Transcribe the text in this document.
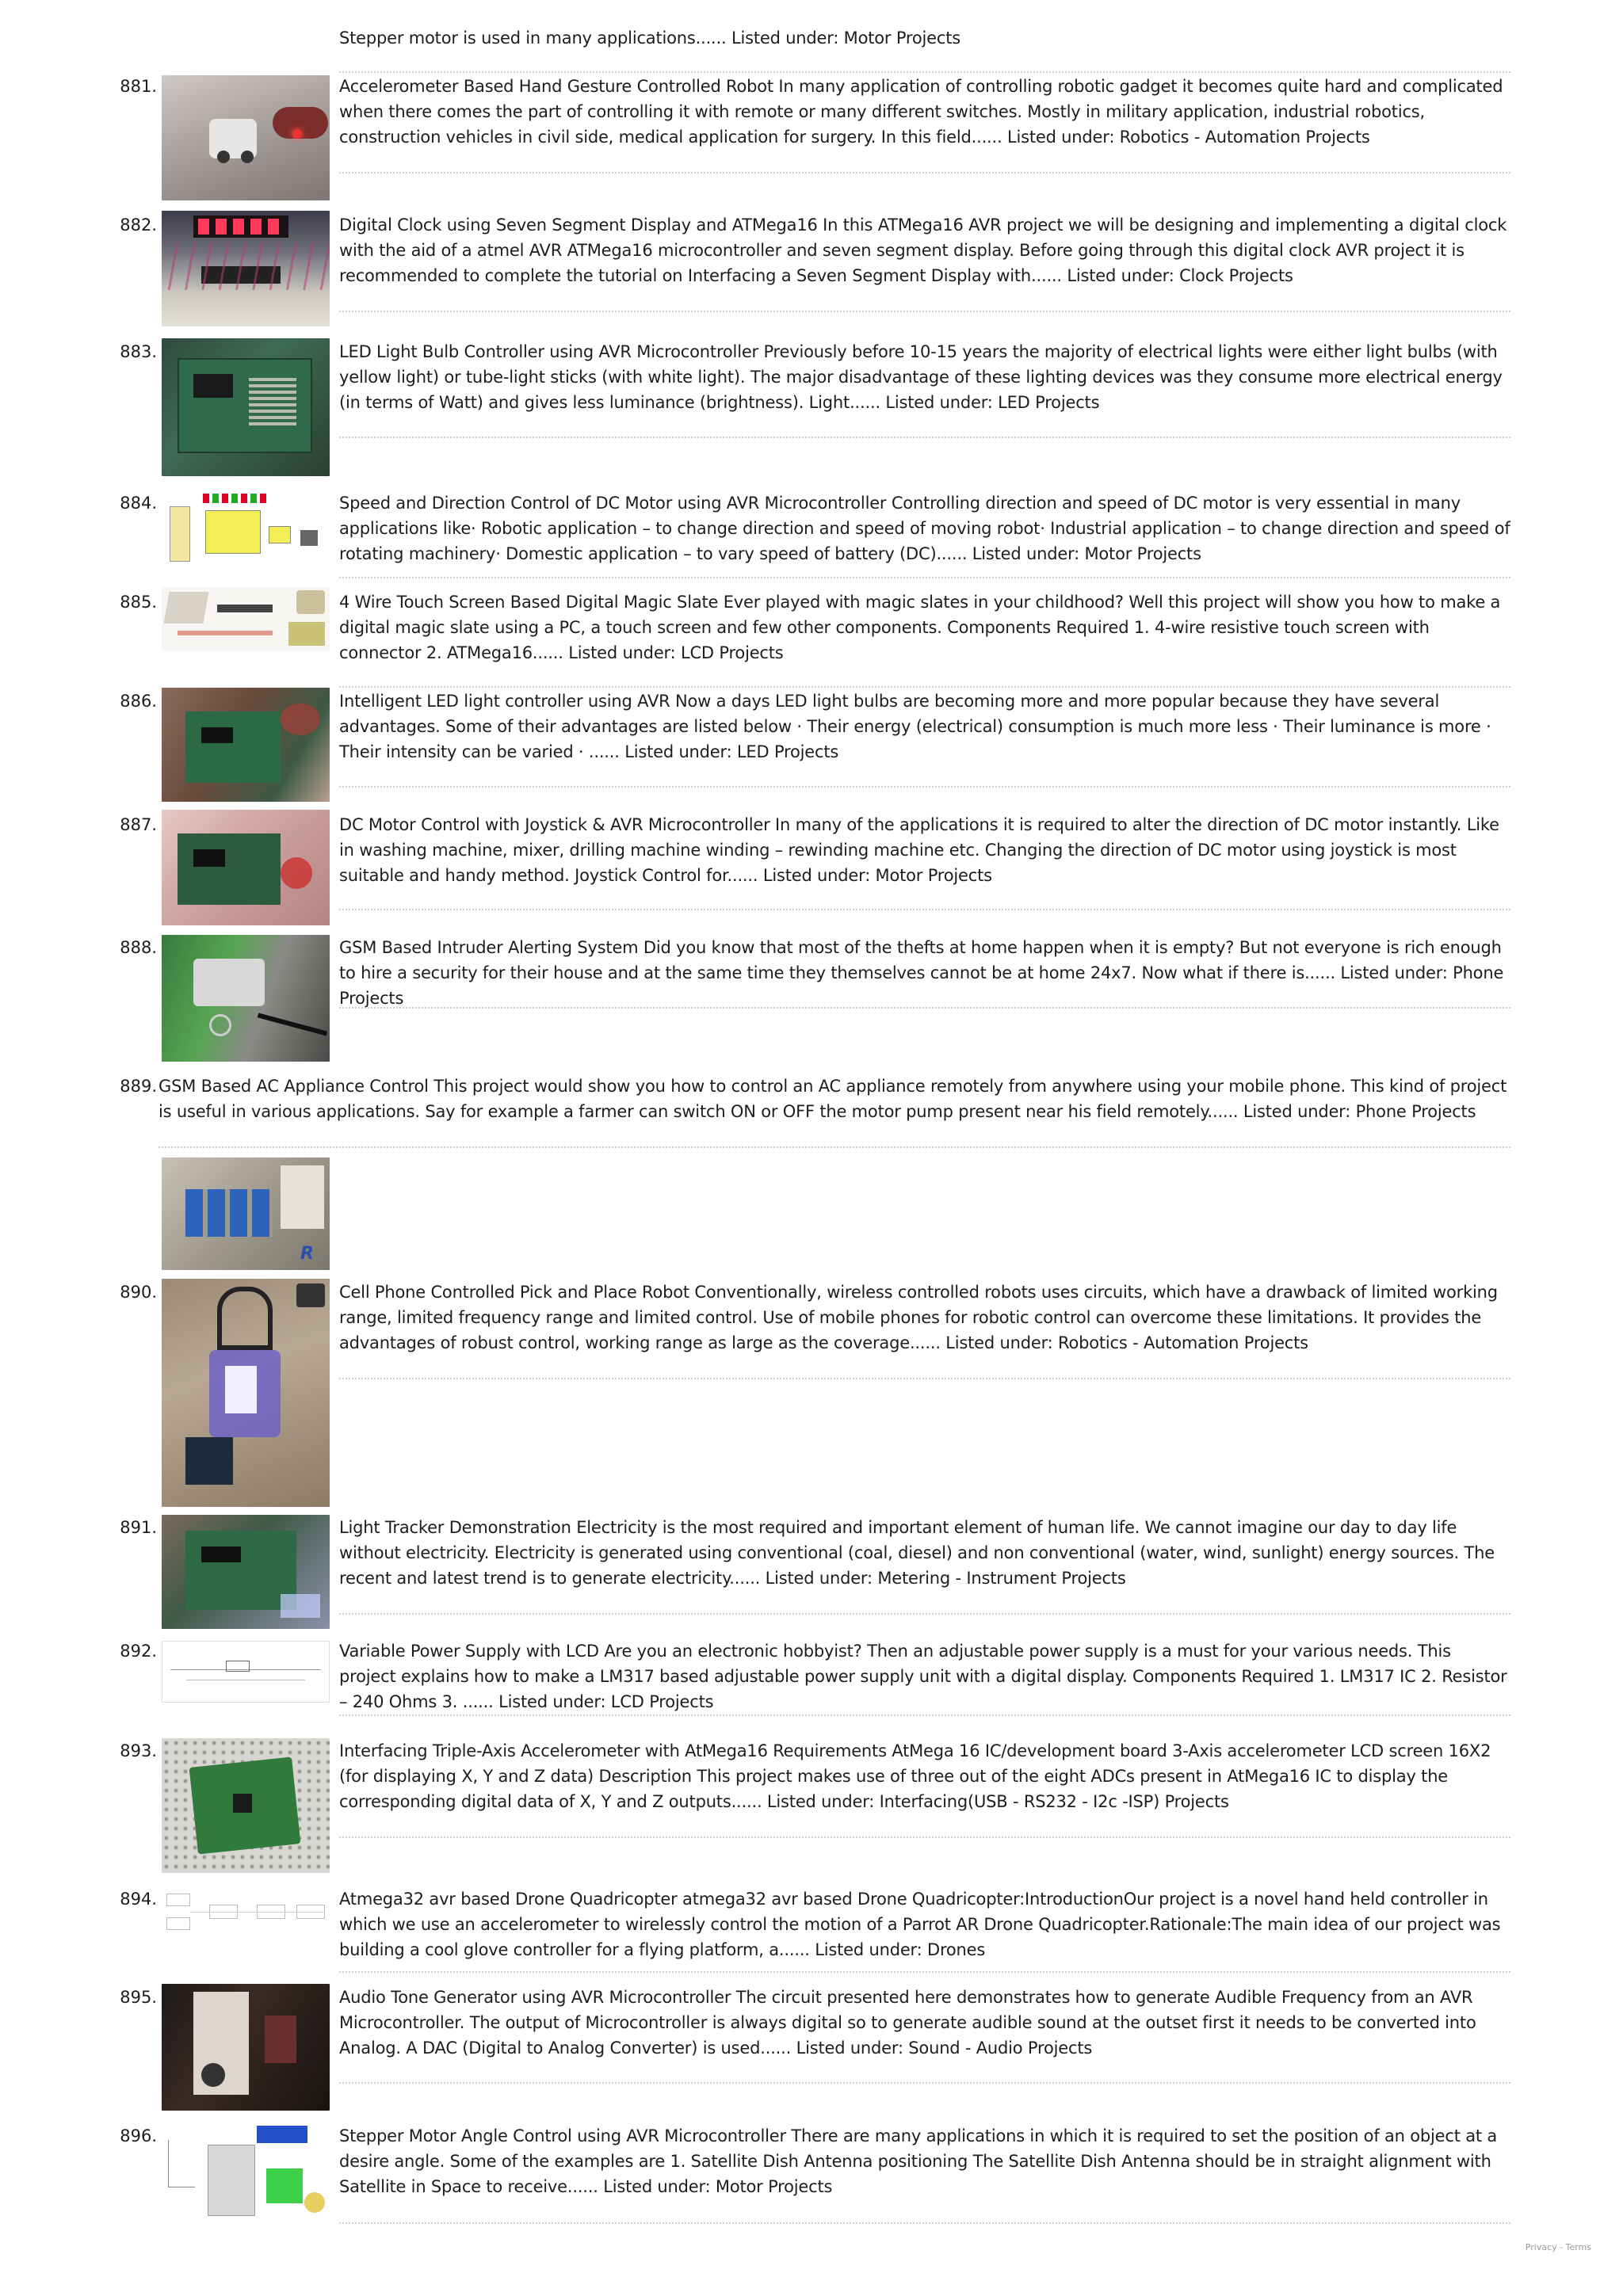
Stepper motor is used in many applications...... Listed under: Motor Projects
881.	Accelerometer Based Hand Gesture Controlled Robot In many application of controlling robotic gadget it becomes quite hard and complicated when there comes the part of controlling it with remote or many different switches. Mostly in military application, industrial robotics, construction vehicles in civil side, medical application for surgery. In this field...... Listed under: Robotics - Automation Projects
882.	Digital Clock using Seven Segment Display and ATMega16 In this ATMega16 AVR project we will be designing and implementing a digital clock with the aid of a atmel AVR ATMega16 microcontroller and seven segment display. Before going through this digital clock AVR project it is recommended to complete the tutorial on Interfacing a Seven Segment Display with...... Listed under: Clock Projects
883.	LED Light Bulb Controller using AVR Microcontroller Previously before 10-15 years the majority of electrical lights were either light bulbs (with yellow light) or tube-light sticks (with white light). The major disadvantage of these lighting devices was they consume more electrical energy (in terms of Watt) and gives less luminance (brightness). Light...... Listed under: LED Projects
884.	Speed and Direction Control of DC Motor using AVR Microcontroller Controlling direction and speed of DC motor is very essential in many applications like· Robotic application – to change direction and speed of moving robot· Industrial application – to change direction and speed of rotating machinery· Domestic application – to vary speed of battery (DC)...... Listed under: Motor Projects
885.	4 Wire Touch Screen Based Digital Magic Slate Ever played with magic slates in your childhood? Well this project will show you how to make a digital magic slate using a PC, a touch screen and few other components. Components Required 1. 4-wire resistive touch screen with connector 2. ATMega16...... Listed under: LCD Projects
886.	Intelligent LED light controller using AVR Now a days LED light bulbs are becoming more and more popular because they have several advantages. Some of their advantages are listed below · Their energy (electrical) consumption is much more less · Their luminance is more · Their intensity can be varied · ...... Listed under: LED Projects
887.	DC Motor Control with Joystick & AVR Microcontroller In many of the applications it is required to alter the direction of DC motor instantly. Like in washing machine, mixer, drilling machine winding – rewinding machine etc. Changing the direction of DC motor using joystick is most suitable and handy method. Joystick Control for...... Listed under: Motor Projects
888.	GSM Based Intruder Alerting System Did you know that most of the thefts at home happen when it is empty? But not everyone is rich enough to hire a security for their house and at the same time they themselves cannot be at home 24x7. Now what if there is...... Listed under: Phone Projects
889. GSM Based AC Appliance Control This project would show you how to control an AC appliance remotely from anywhere using your mobile phone. This kind of project is useful in various applications. Say for example a farmer can switch ON or OFF the motor pump present near his field remotely...... Listed under: Phone Projects
R
890.	Cell Phone Controlled Pick and Place Robot Conventionally, wireless controlled robots uses circuits, which have a drawback of limited working range, limited frequency range and limited control. Use of mobile phones for robotic control can overcome these limitations. It provides the advantages of robust control, working range as large as the coverage...... Listed under: Robotics - Automation Projects
891.	Light Tracker Demonstration Electricity is the most required and important element of human life. We cannot imagine our day to day life without electricity. Electricity is generated using conventional (coal, diesel) and non conventional (water, wind, sunlight) energy sources. The recent and latest trend is to generate electricity...... Listed under: Metering - Instrument Projects
892.	Variable Power Supply with LCD Are you an electronic hobbyist? Then an adjustable power supply is a must for your various needs. This project explains how to make a LM317 based adjustable power supply unit with a digital display. Components Required 1. LM317 IC 2. Resistor – 240 Ohms 3. ...... Listed under: LCD Projects
893.	Interfacing Triple-Axis Accelerometer with AtMega16 Requirements AtMega 16 IC/development board 3-Axis accelerometer LCD screen 16X2 (for displaying X, Y and Z data) Description This project makes use of three out of the eight ADCs present in AtMega16 IC to display the corresponding digital data of X, Y and Z outputs...... Listed under: Interfacing(USB - RS232 - I2c -ISP) Projects
894.	Atmega32 avr based Drone Quadricopter atmega32 avr based Drone Quadricopter:IntroductionOur project is a novel hand held controller in which we use an accelerometer to wirelessly control the motion of a Parrot AR Drone Quadricopter.Rationale:The main idea of our project was building a cool glove controller for a flying platform, a...... Listed under: Drones
895.	Audio Tone Generator using AVR Microcontroller The circuit presented here demonstrates how to generate Audible Frequency from an AVR Microcontroller. The output of Microcontroller is always digital so to generate audible sound at the outset first it needs to be converted into Analog. A DAC (Digital to Analog Converter) is used...... Listed under: Sound - Audio Projects
896.	Stepper Motor Angle Control using AVR Microcontroller There are many applications in which it is required to set the position of an object at a desire angle. Some of the examples are 1. Satellite Dish Antenna positioning The Satellite Dish Antenna should be in straight alignment with Satellite in Space to receive...... Listed under: Motor Projects
Privacy - Terms
